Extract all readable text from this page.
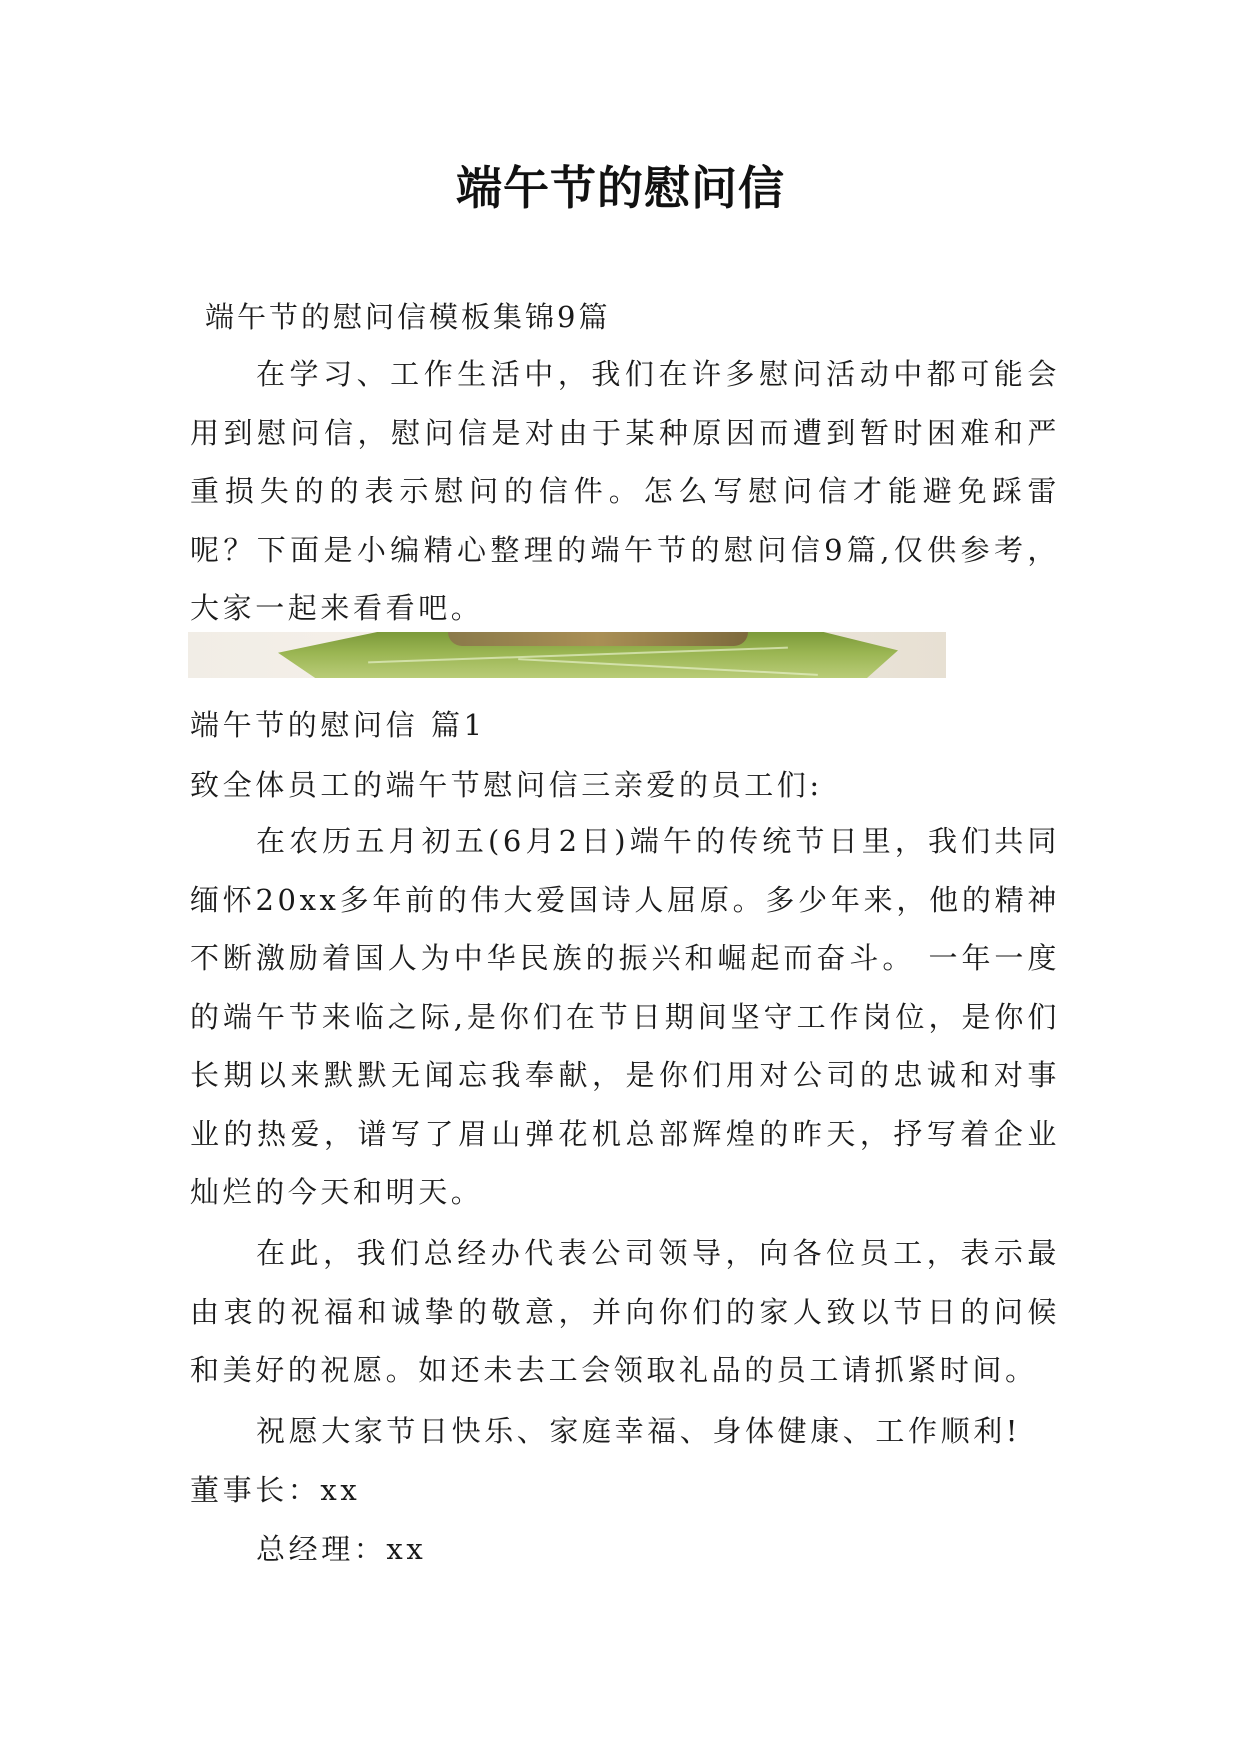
端午节的慰问信
端午节的慰问信模板集锦9篇
在学习、工作生活中，我们在许多慰问活动中都可能会用到慰问信，慰问信是对由于某种原因而遭到暂时困难和严重损失的的表示慰问的信件。怎么写慰问信才能避免踩雷呢？下面是小编精心整理的端午节的慰问信9篇,仅供参考，大家一起来看看吧。
端午节的慰问信 篇1
致全体员工的端午节慰问信三亲爱的员工们:
在农历五月初五(6月2日)端午的传统节日里，我们共同缅怀20xx多年前的伟大爱国诗人屈原。多少年来，他的精神不断激励着国人为中华民族的振兴和崛起而奋斗。 一年一度的端午节来临之际,是你们在节日期间坚守工作岗位，是你们长期以来默默无闻忘我奉献，是你们用对公司的忠诚和对事业的热爱，谱写了眉山弹花机总部辉煌的昨天，抒写着企业灿烂的今天和明天。
在此，我们总经办代表公司领导，向各位员工，表示最由衷的祝福和诚挚的敬意，并向你们的家人致以节日的问候和美好的祝愿。如还未去工会领取礼品的员工请抓紧时间。
祝愿大家节日快乐、家庭幸福、身体健康、工作顺利!
董事长：xx
总经理：xx
